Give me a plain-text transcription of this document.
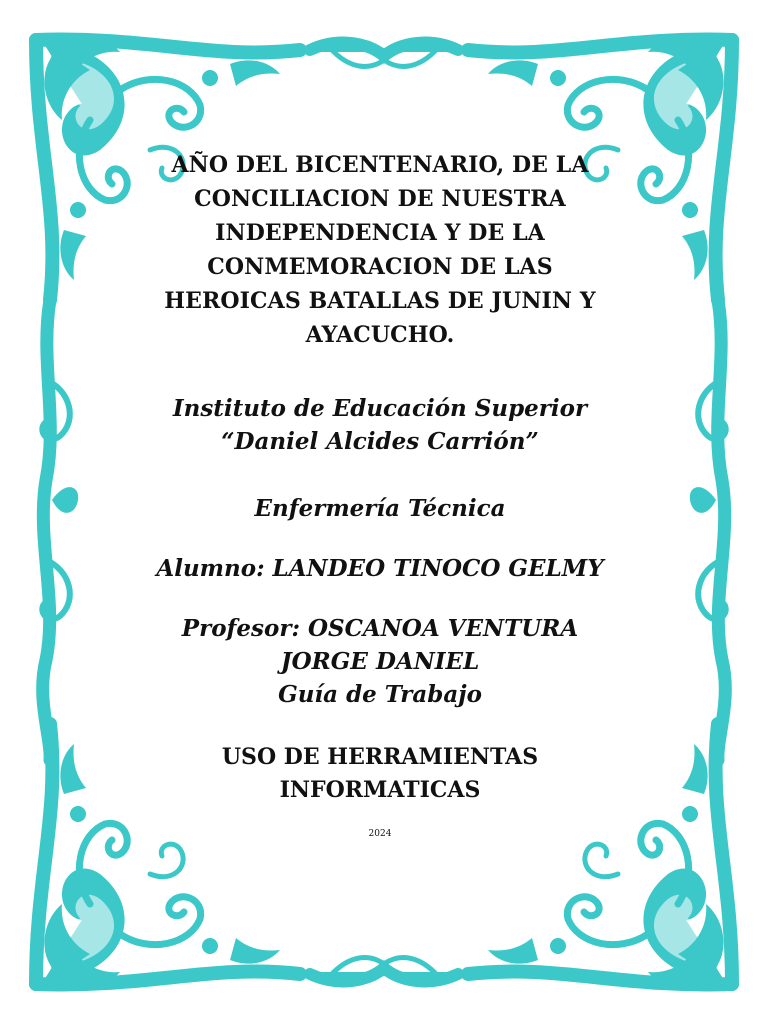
AÑO DEL BICENTENARIO, DE LA
CONCILIACION DE NUESTRA
INDEPENDENCIA Y DE LA
CONMEMORACION DE LAS
HEROICAS BATALLAS DE JUNIN Y
AYACUCHO.

Instituto de Educación Superior

“Daniel Alcides Carrión”

Enfermería Técnica

Alumno: LANDEO TINOCO GELMY

Profesor: OSCANOA VENTURA

JORGE DANIEL

Guía de Trabajo

USO DE HERRAMIENTAS

INFORMATICAS

2024
